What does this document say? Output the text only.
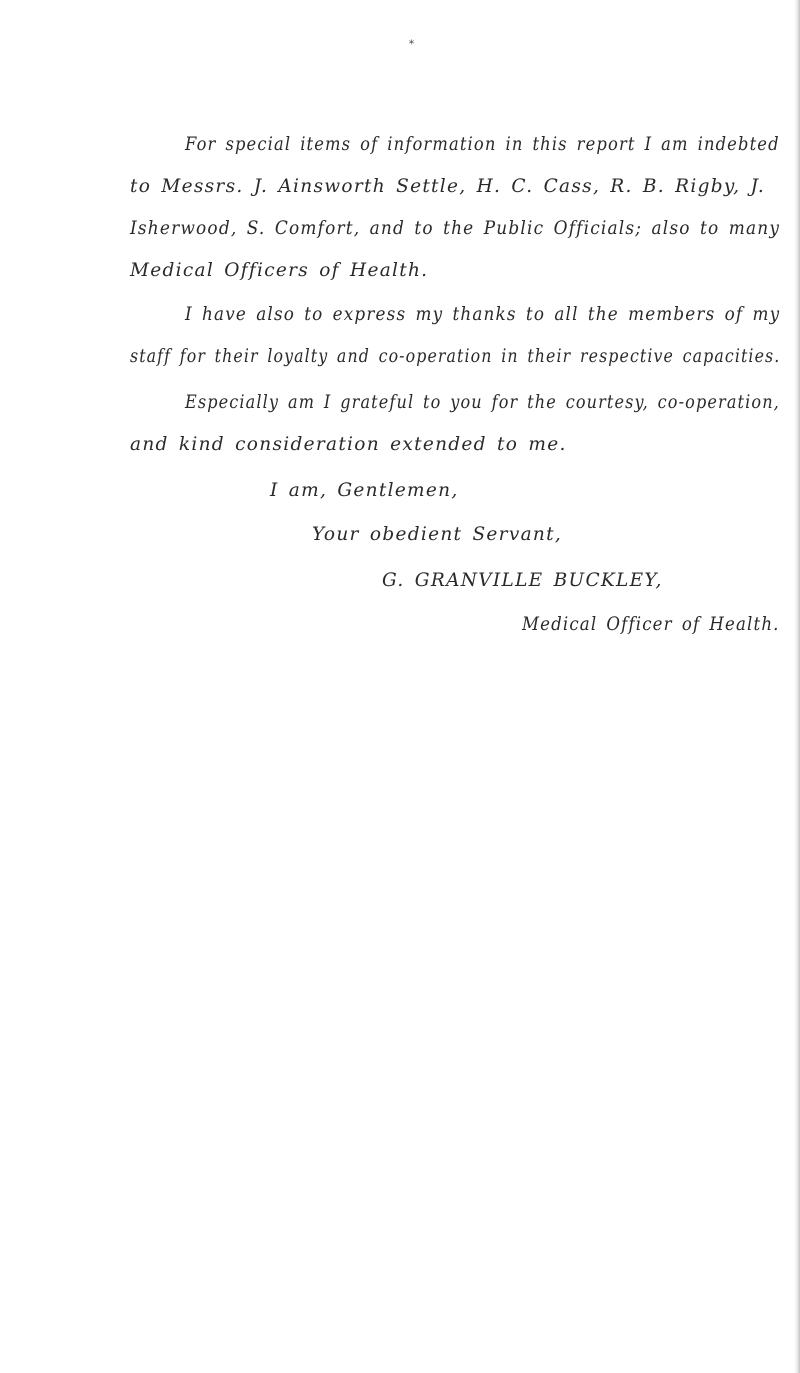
*
For special items of information in this report I am indebted
to Messrs. J. Ainsworth Settle, H. C. Cass, R. B. Rigby, J.
Isherwood, S. Comfort, and to the Public Officials; also to many
Medical Officers of Health.
I have also to express my thanks to all the members of my
staff for their loyalty and co-operation in their respective capacities.
Especially am I grateful to you for the courtesy, co-operation,
and kind consideration extended to me.
I am, Gentlemen,
Your obedient Servant,
G. GRANVILLE BUCKLEY,
Medical Officer of Health.
